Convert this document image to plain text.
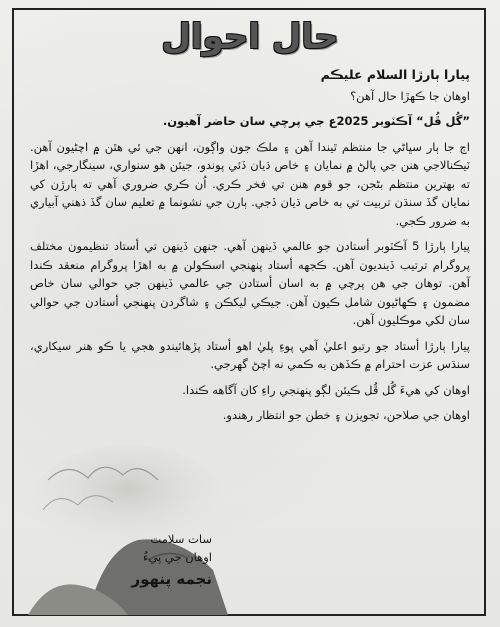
حال احوال

پيارا ٻارڙا السلام عليڪم

اوهان جا ڪهڙا حال آهن؟

”گُل ڦُل“ آڪٽوبر 2025ع جي پرچي سان حاضر آهيون.

اڄ جا ٻار سڀاڻي جا منتظم ٿيندا آهن ۽ ملڪ جون واڳون، انهن جي ئي هٿن ۾ اچڻيون آهن. ٽيڪنالاجي هنن جي پالڻ ۾ نمايان ۽ خاص ڌيان ڏئي پوندو، جيئن هو سنواري، سينگارجي، اهڙا ته بهترين منتظم بڻجن، جو قوم هنن تي فخر ڪري. اُن ڪري ضروري آهي ته ٻارڙن کي نمايان گڏ سنڌن تربيت تي به خاص ڌيان ڏجي. ٻارن جي نشونما ۾ تعليم سان گڏ ذهني آبياري به ضرور ڪجي.

پيارا ٻارڙا 5 آڪٽوبر أستادن جو عالمي ڏينهن آهي. جنهن ڏينهن تي أستاد تنظيمون مختلف پروگرام ترتيب ڏينديون آهن. ڪجهه أستاد پنهنجي اسڪولن ۾ به اهڙا پروگرام منعقد ڪندا آهن. توهان جي هن پرچي ۾ به اسان أستادن جي عالمي ڏينهن جي حوالي سان خاص مضمون ۽ ڪهاڻيون شامل ڪيون آهن. جيڪي ليکڪن ۽ شاگردن پنهنجي أستادن جي حوالي سان لکي موڪليون آهن.

پيارا ٻارڙا أستاد جو رتبو اعليٰ آهي پوءِ پليٰ اهو أستاد پڙهائيندو هجي يا ڪو هنر سيکاري، سنڌس عزت احترام ۾ ڪڏهن به ڪمي نه اچڻ گهرجي.

اوهان کي هيءَ گُل ڦُل ڪيئن لڳو پنهنجي راءِ کان آگاهه ڪندا.

اوهان جي صلاحن، تجويزن ۽ خطن جو انتظار رهندو.

سات سلامت
اوهان جي پيءُ
نجمه پنهور
